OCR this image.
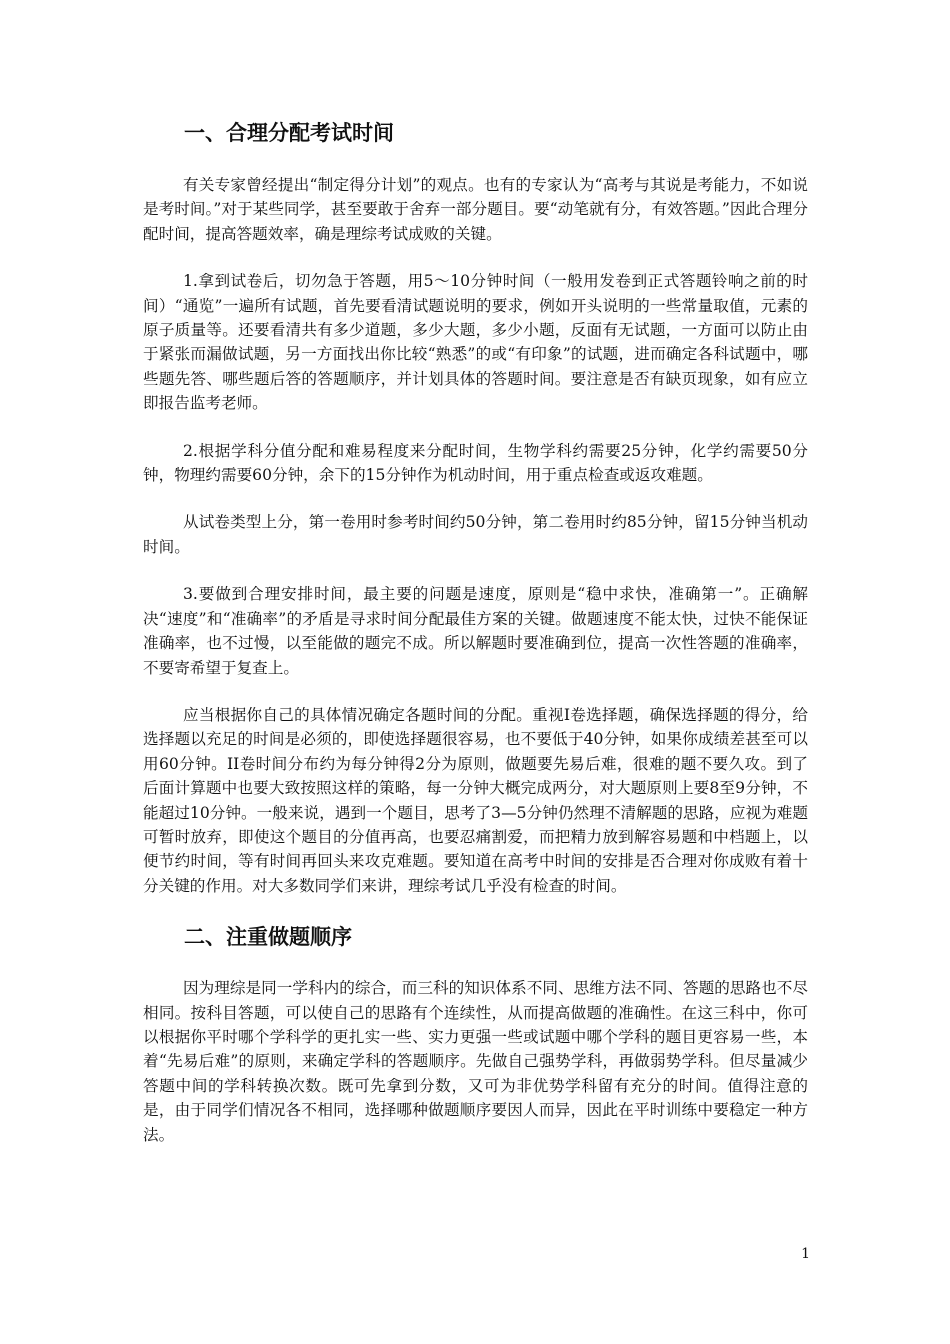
一、合理分配考试时间

有关专家曾经提出“制定得分计划”的观点。也有的专家认为“高考与其说是考能力，不如说是考时间。”对于某些同学，甚至要敢于舍弃一部分题目。要“动笔就有分，有效答题。”因此合理分配时间，提高答题效率，确是理综考试成败的关键。

1.拿到试卷后，切勿急于答题，用5～10分钟时间（一般用发卷到正式答题铃响之前的时间）“通览”一遍所有试题，首先要看清试题说明的要求，例如开头说明的一些常量取值，元素的原子质量等。还要看清共有多少道题，多少大题，多少小题，反面有无试题，一方面可以防止由于紧张而漏做试题，另一方面找出你比较“熟悉”的或“有印象”的试题，进而确定各科试题中，哪些题先答、哪些题后答的答题顺序，并计划具体的答题时间。要注意是否有缺页现象，如有应立即报告监考老师。

2.根据学科分值分配和难易程度来分配时间，生物学科约需要25分钟，化学约需要50分钟，物理约需要60分钟，余下的15分钟作为机动时间，用于重点检查或返攻难题。

从试卷类型上分，第一卷用时参考时间约50分钟，第二卷用时约85分钟，留15分钟当机动时间。

3.要做到合理安排时间，最主要的问题是速度，原则是“稳中求快，准确第一”。正确解决“速度”和“准确率”的矛盾是寻求时间分配最佳方案的关键。做题速度不能太快，过快不能保证准确率，也不过慢，以至能做的题完不成。所以解题时要准确到位，提高一次性答题的准确率，不要寄希望于复查上。

应当根据你自己的具体情况确定各题时间的分配。重视I卷选择题，确保选择题的得分，给选择题以充足的时间是必须的，即使选择题很容易，也不要低于40分钟，如果你成绩差甚至可以用60分钟。II卷时间分布约为每分钟得2分为原则，做题要先易后难，很难的题不要久攻。到了后面计算题中也要大致按照这样的策略，每一分钟大概完成两分，对大题原则上要8至9分钟，不能超过10分钟。一般来说，遇到一个题目，思考了3—5分钟仍然理不清解题的思路，应视为难题可暂时放弃，即使这个题目的分值再高，也要忍痛割爱，而把精力放到解容易题和中档题上，以便节约时间，等有时间再回头来攻克难题。要知道在高考中时间的安排是否合理对你成败有着十分关键的作用。对大多数同学们来讲，理综考试几乎没有检查的时间。

二、注重做题顺序

因为理综是同一学科内的综合，而三科的知识体系不同、思维方法不同、答题的思路也不尽相同。按科目答题，可以使自己的思路有个连续性，从而提高做题的准确性。在这三科中，你可以根据你平时哪个学科学的更扎实一些、实力更强一些或试题中哪个学科的题目更容易一些，本着“先易后难”的原则，来确定学科的答题顺序。先做自己强势学科，再做弱势学科。但尽量减少答题中间的学科转换次数。既可先拿到分数，又可为非优势学科留有充分的时间。值得注意的是，由于同学们情况各不相同，选择哪种做题顺序要因人而异，因此在平时训练中要稳定一种方法。

1
